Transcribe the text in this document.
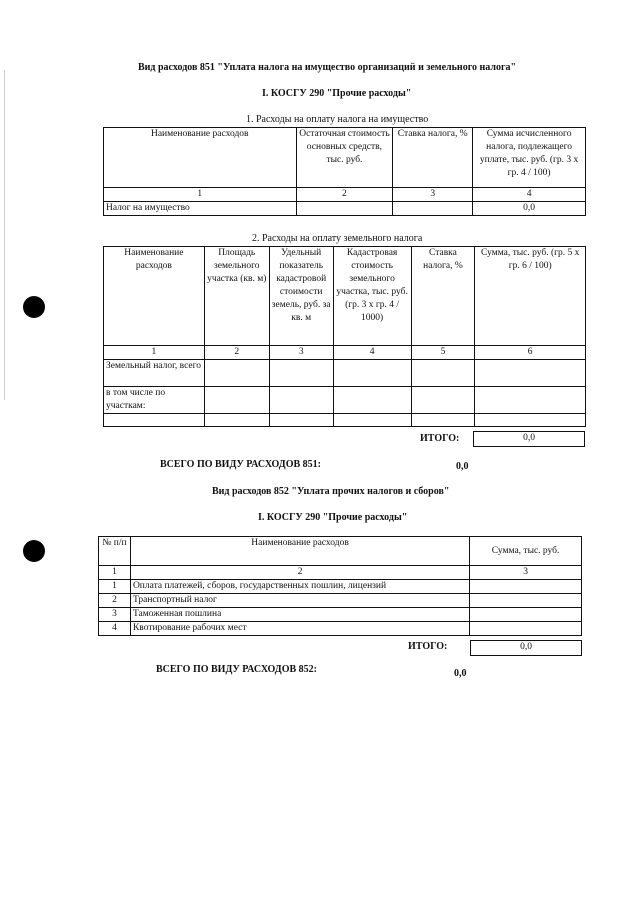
Вид расходов 851 "Уплата налога на имущество организаций и земельного налога"
I. КОСГУ 290 "Прочие расходы"
1. Расходы на оплату налога на имущество
Наименование расходов	Остаточная стоимость основных средств, тыс. руб.	Ставка налога, %	Сумма исчисленного налога, подлежащего уплате, тыс. руб. (гр. 3 х гр. 4 / 100)
1	2	3	4
Налог на имущество			0,0
2. Расходы на оплату земельного налога
Наименование расходов	Площадь земельного участка (кв. м)	Удельный показатель кадастровой стоимости земель, руб. за кв. м	Кадастровая стоимость земельного участка, тыс. руб. (гр. 3 х гр. 4 / 1000)	Ставка налога, %	Сумма, тыс. руб. (гр. 5 х гр. 6 / 100)
1	2	3	4	5	6
Земельный налог, всего					
в том числе по участкам:					

ИТОГО:	0,0
ВСЕГО ПО ВИДУ РАСХОДОВ 851:	0,0
Вид расходов 852 "Уплата прочих налогов и сборов"
I. КОСГУ 290 "Прочие расходы"
№ п/п	Наименование расходов	Сумма, тыс. руб.
1	2	3
1	Оплата платежей, сборов, государственных пошлин, лицензий	
2	Транспортный налог	
3	Таможенная пошлина	
4	Квотирование рабочих мест	
ИТОГО:	0,0
ВСЕГО ПО ВИДУ РАСХОДОВ 852:	0,0
